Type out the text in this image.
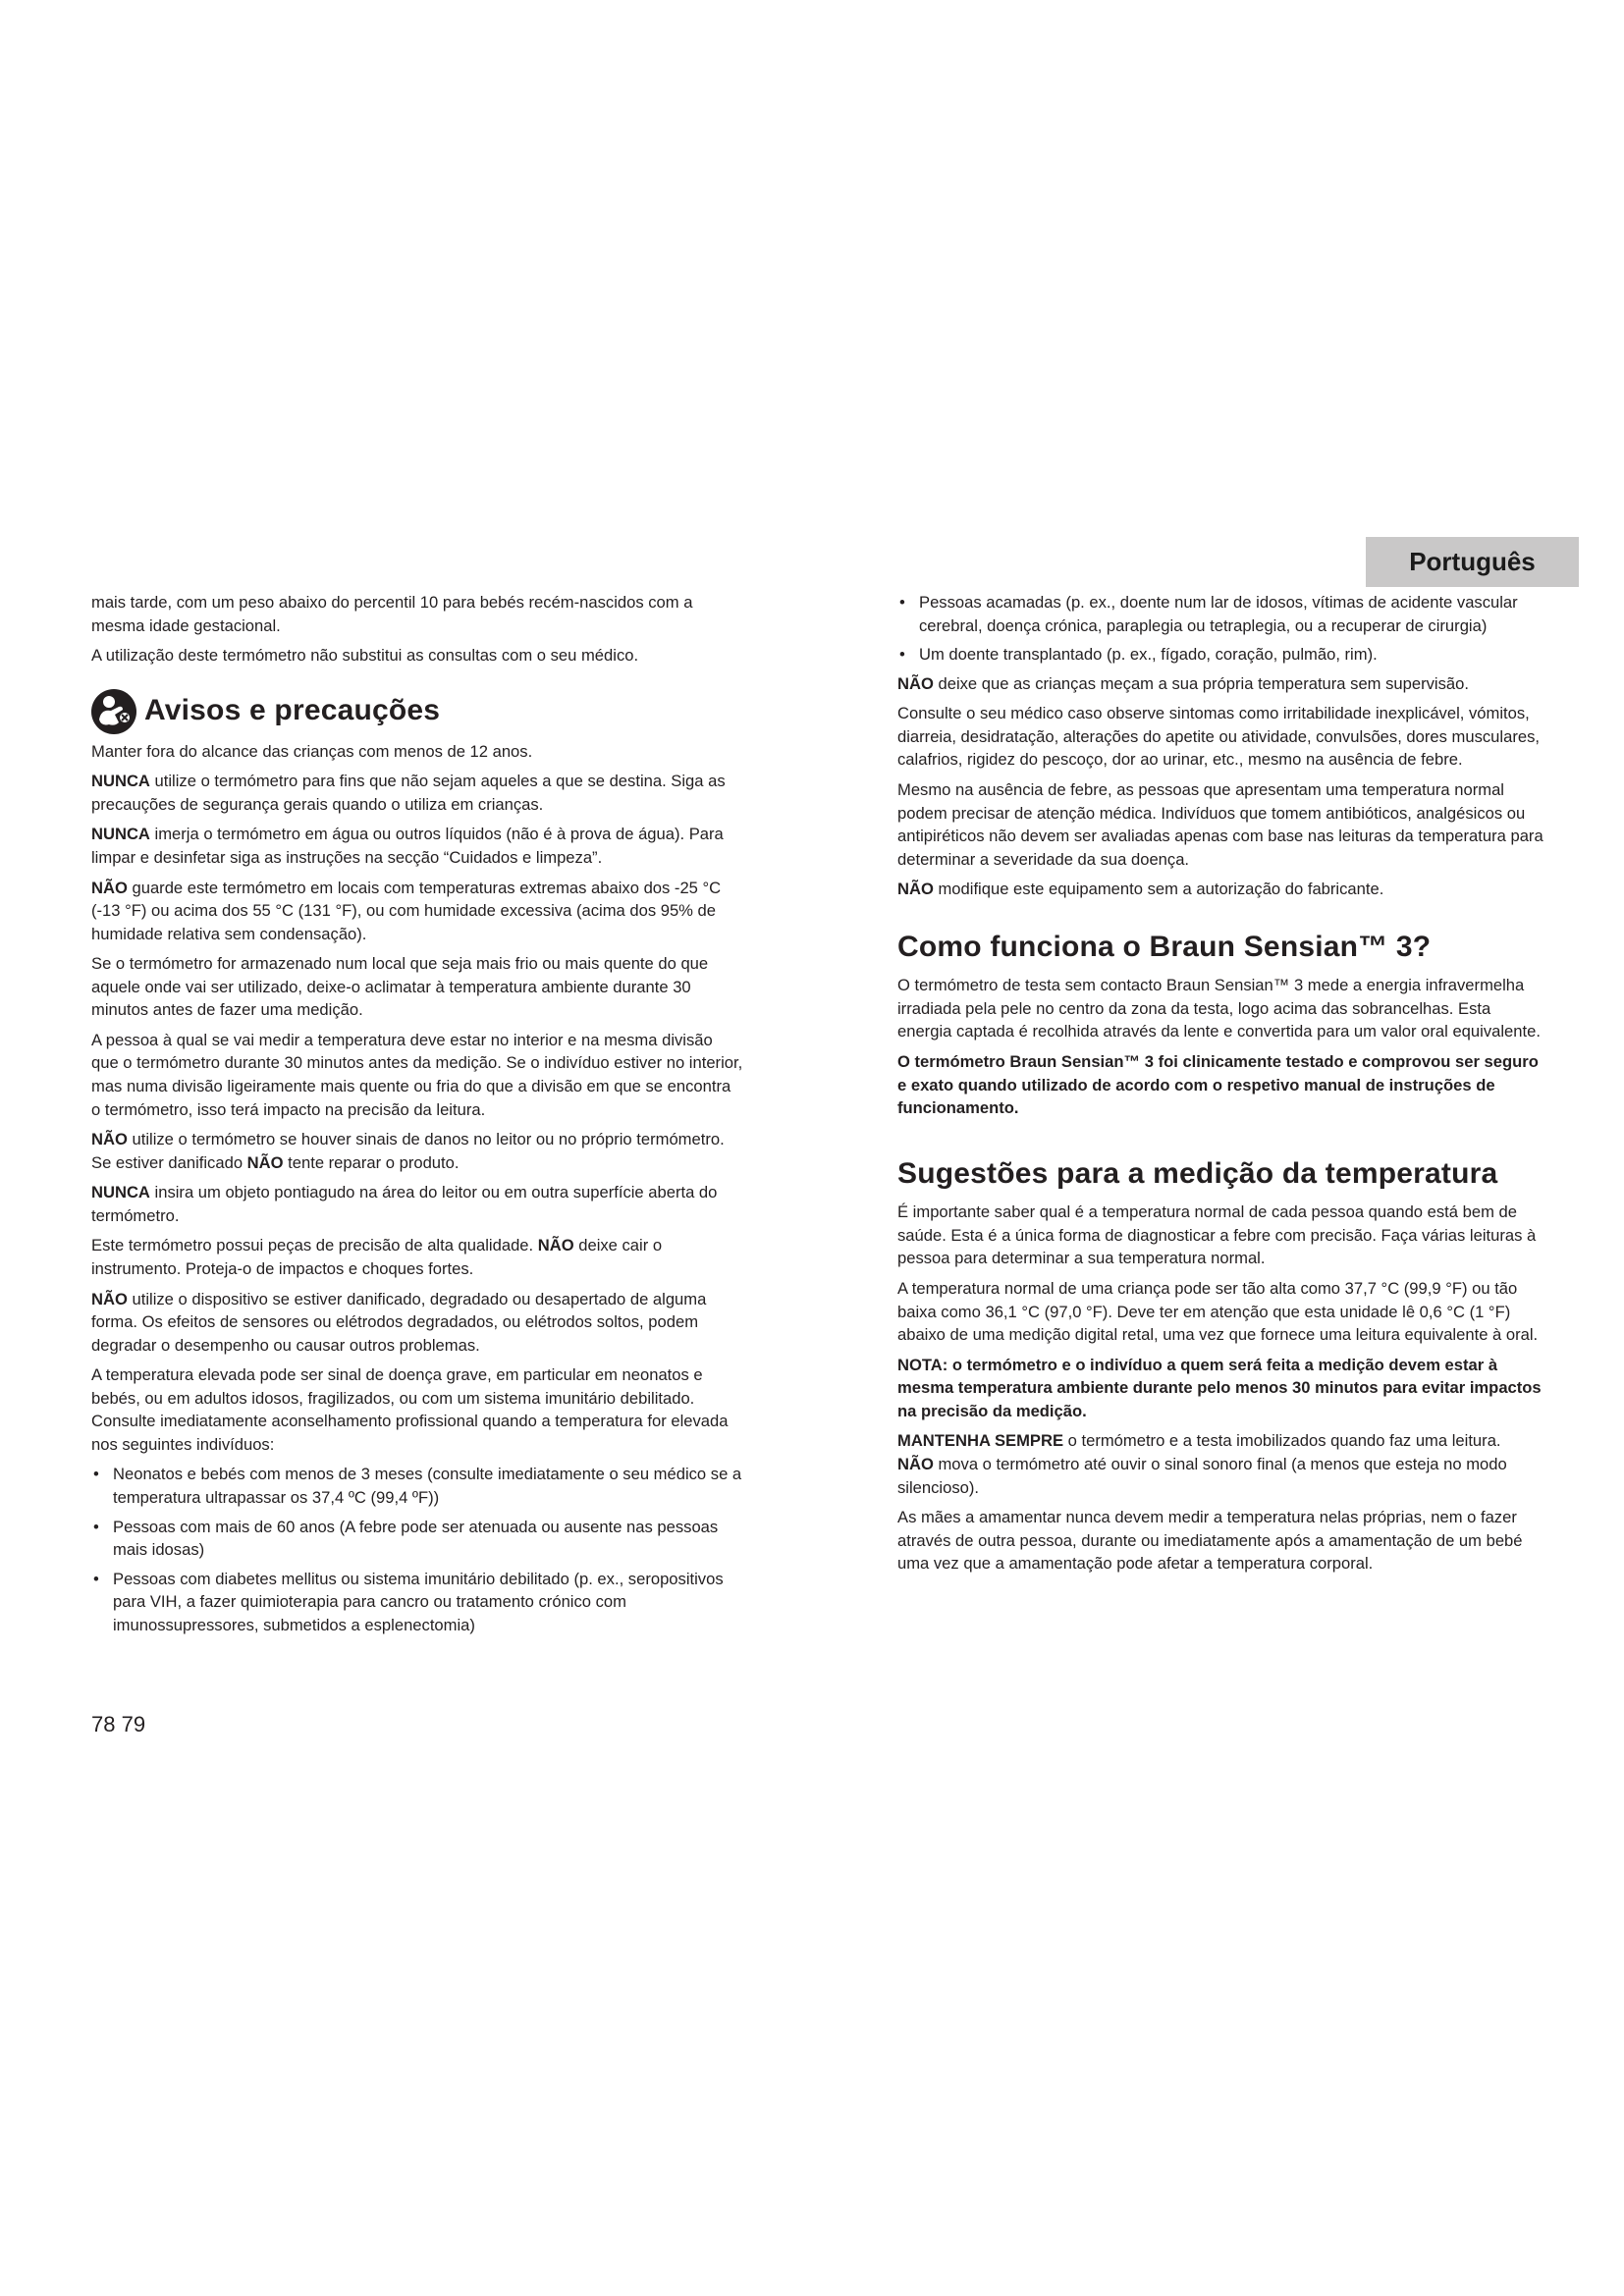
Português

mais tarde, com um peso abaixo do percentil 10 para bebés recém-nascidos com a mesma idade gestacional.

A utilização deste termómetro não substitui as consultas com o seu médico.

Avisos e precauções

Manter fora do alcance das crianças com menos de 12 anos.

NUNCA utilize o termómetro para fins que não sejam aqueles a que se destina. Siga as precauções de segurança gerais quando o utiliza em crianças.

NUNCA imerja o termómetro em água ou outros líquidos (não é à prova de água). Para limpar e desinfetar siga as instruções na secção “Cuidados e limpeza”.

NÃO guarde este termómetro em locais com temperaturas extremas abaixo dos -25 °C (-13 °F) ou acima dos 55 °C (131 °F), ou com humidade excessiva (acima dos 95% de humidade relativa sem condensação).

Se o termómetro for armazenado num local que seja mais frio ou mais quente do que aquele onde vai ser utilizado, deixe-o aclimatar à temperatura ambiente durante 30 minutos antes de fazer uma medição.

A pessoa à qual se vai medir a temperatura deve estar no interior e na mesma divisão que o termómetro durante 30 minutos antes da medição. Se o indivíduo estiver no interior, mas numa divisão ligeiramente mais quente ou fria do que a divisão em que se encontra o termómetro, isso terá impacto na precisão da leitura.

NÃO utilize o termómetro se houver sinais de danos no leitor ou no próprio termómetro. Se estiver danificado NÃO tente reparar o produto.

NUNCA insira um objeto pontiagudo na área do leitor ou em outra superfície aberta do termómetro.

Este termómetro possui peças de precisão de alta qualidade. NÃO deixe cair o instrumento. Proteja-o de impactos e choques fortes.

NÃO utilize o dispositivo se estiver danificado, degradado ou desapertado de alguma forma. Os efeitos de sensores ou elétrodos degradados, ou elétrodos soltos, podem degradar o desempenho ou causar outros problemas.

A temperatura elevada pode ser sinal de doença grave, em particular em neonatos e bebés, ou em adultos idosos, fragilizados, ou com um sistema imunitário debilitado. Consulte imediatamente aconselhamento profissional quando a temperatura for elevada nos seguintes indivíduos:

• Neonatos e bebés com menos de 3 meses (consulte imediatamente o seu médico se a temperatura ultrapassar os 37,4 ºC (99,4 ºF))
• Pessoas com mais de 60 anos (A febre pode ser atenuada ou ausente nas pessoas mais idosas)
• Pessoas com diabetes mellitus ou sistema imunitário debilitado (p. ex., seropositivos para VIH, a fazer quimioterapia para cancro ou tratamento crónico com imunossupressores, submetidos a esplenectomia)
• Pessoas acamadas (p. ex., doente num lar de idosos, vítimas de acidente vascular cerebral, doença crónica, paraplegia ou tetraplegia, ou a recuperar de cirurgia)
• Um doente transplantado (p. ex., fígado, coração, pulmão, rim).

NÃO deixe que as crianças meçam a sua própria temperatura sem supervisão.

Consulte o seu médico caso observe sintomas como irritabilidade inexplicável, vómitos, diarreia, desidratação, alterações do apetite ou atividade, convulsões, dores musculares, calafrios, rigidez do pescoço, dor ao urinar, etc., mesmo na ausência de febre.

Mesmo na ausência de febre, as pessoas que apresentam uma temperatura normal podem precisar de atenção médica. Indivíduos que tomem antibióticos, analgésicos ou antipiréticos não devem ser avaliadas apenas com base nas leituras da temperatura para determinar a severidade da sua doença.

NÃO modifique este equipamento sem a autorização do fabricante.

Como funciona o Braun Sensian™ 3?

O termómetro de testa sem contacto Braun Sensian™ 3 mede a energia infravermelha irradiada pela pele no centro da zona da testa, logo acima das sobrancelhas. Esta energia captada é recolhida através da lente e convertida para um valor oral equivalente.

O termómetro Braun Sensian™ 3 foi clinicamente testado e comprovou ser seguro e exato quando utilizado de acordo com o respetivo manual de instruções de funcionamento.

Sugestões para a medição da temperatura

É importante saber qual é a temperatura normal de cada pessoa quando está bem de saúde. Esta é a única forma de diagnosticar a febre com precisão. Faça várias leituras à pessoa para determinar a sua temperatura normal.

A temperatura normal de uma criança pode ser tão alta como 37,7 °C (99,9 °F) ou tão baixa como 36,1 °C (97,0 °F). Deve ter em atenção que esta unidade lê 0,6 °C (1 °F) abaixo de uma medição digital retal, uma vez que fornece uma leitura equivalente à oral.

NOTA: o termómetro e o indivíduo a quem será feita a medição devem estar à mesma temperatura ambiente durante pelo menos 30 minutos para evitar impactos na precisão da medição.

MANTENHA SEMPRE o termómetro e a testa imobilizados quando faz uma leitura.

NÃO mova o termómetro até ouvir o sinal sonoro final (a menos que esteja no modo silencioso).

As mães a amamentar nunca devem medir a temperatura nelas próprias, nem o fazer através de outra pessoa, durante ou imediatamente após a amamentação de um bebé uma vez que a amamentação pode afetar a temperatura corporal.

78 79
